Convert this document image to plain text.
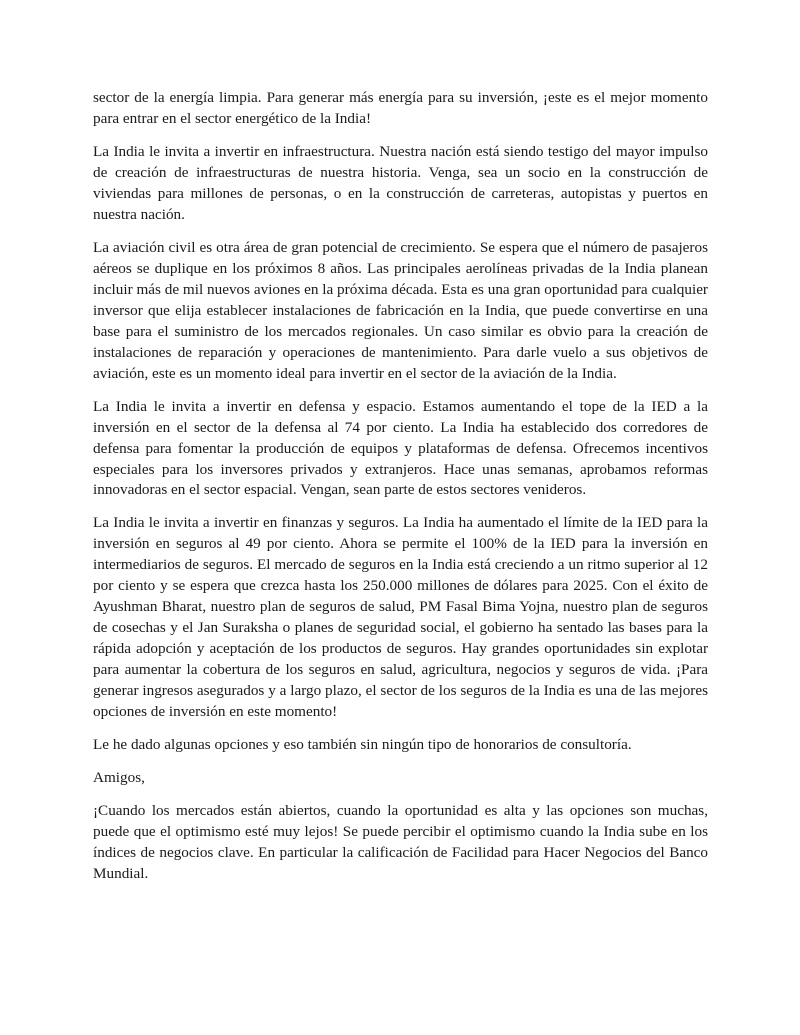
sector de la energía limpia. Para generar más energía para su inversión, ¡este es el mejor momento para entrar en el sector energético de la India!

La India le invita a invertir en infraestructura. Nuestra nación está siendo testigo del mayor impulso de creación de infraestructuras de nuestra historia. Venga, sea un socio en la construcción de viviendas para millones de personas, o en la construcción de carreteras, autopistas y puertos en nuestra nación.

La aviación civil es otra área de gran potencial de crecimiento. Se espera que el número de pasajeros aéreos se duplique en los próximos 8 años. Las principales aerolíneas privadas de la India planean incluir más de mil nuevos aviones en la próxima década. Esta es una gran oportunidad para cualquier inversor que elija establecer instalaciones de fabricación en la India, que puede convertirse en una base para el suministro de los mercados regionales. Un caso similar es obvio para la creación de instalaciones de reparación y operaciones de mantenimiento. Para darle vuelo a sus objetivos de aviación, este es un momento ideal para invertir en el sector de la aviación de la India.

La India le invita a invertir en defensa y espacio. Estamos aumentando el tope de la IED a la inversión en el sector de la defensa al 74 por ciento. La India ha establecido dos corredores de defensa para fomentar la producción de equipos y plataformas de defensa. Ofrecemos incentivos especiales para los inversores privados y extranjeros. Hace unas semanas, aprobamos reformas innovadoras en el sector espacial. Vengan, sean parte de estos sectores venideros.

La India le invita a invertir en finanzas y seguros. La India ha aumentado el límite de la IED para la inversión en seguros al 49 por ciento. Ahora se permite el 100% de la IED para la inversión en intermediarios de seguros. El mercado de seguros en la India está creciendo a un ritmo superior al 12 por ciento y se espera que crezca hasta los 250.000 millones de dólares para 2025. Con el éxito de Ayushman Bharat, nuestro plan de seguros de salud, PM Fasal Bima Yojna, nuestro plan de seguros de cosechas y el Jan Suraksha o planes de seguridad social, el gobierno ha sentado las bases para la rápida adopción y aceptación de los productos de seguros. Hay grandes oportunidades sin explotar para aumentar la cobertura de los seguros en salud, agricultura, negocios y seguros de vida. ¡Para generar ingresos asegurados y a largo plazo, el sector de los seguros de la India es una de las mejores opciones de inversión en este momento!

Le he dado algunas opciones y eso también sin ningún tipo de honorarios de consultoría.

Amigos,

¡Cuando los mercados están abiertos, cuando la oportunidad es alta y las opciones son muchas, puede que el optimismo esté muy lejos! Se puede percibir el optimismo cuando la India sube en los índices de negocios clave. En particular la calificación de Facilidad para Hacer Negocios del Banco Mundial.
